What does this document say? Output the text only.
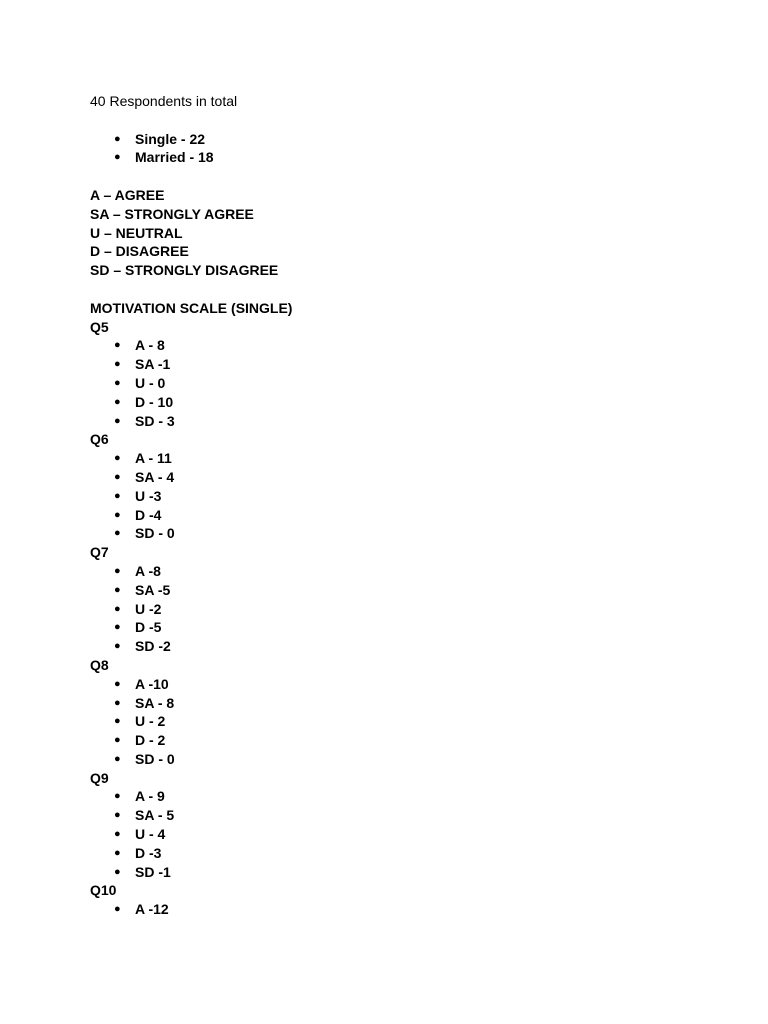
40 Respondents in total
● Single - 22
● Married - 18
A – AGREE
SA – STRONGLY AGREE
U – NEUTRAL
D – DISAGREE
SD – STRONGLY DISAGREE
MOTIVATION SCALE (SINGLE)
Q5
● A - 8
● SA -1
● U - 0
● D - 10
● SD - 3
Q6
● A - 11
● SA - 4
● U -3
● D -4
● SD - 0
Q7
● A -8
● SA -5
● U -2
● D -5
● SD -2
Q8
● A -10
● SA - 8
● U - 2
● D - 2
● SD - 0
Q9
● A - 9
● SA - 5
● U - 4
● D -3
● SD -1
Q10
● A -12
